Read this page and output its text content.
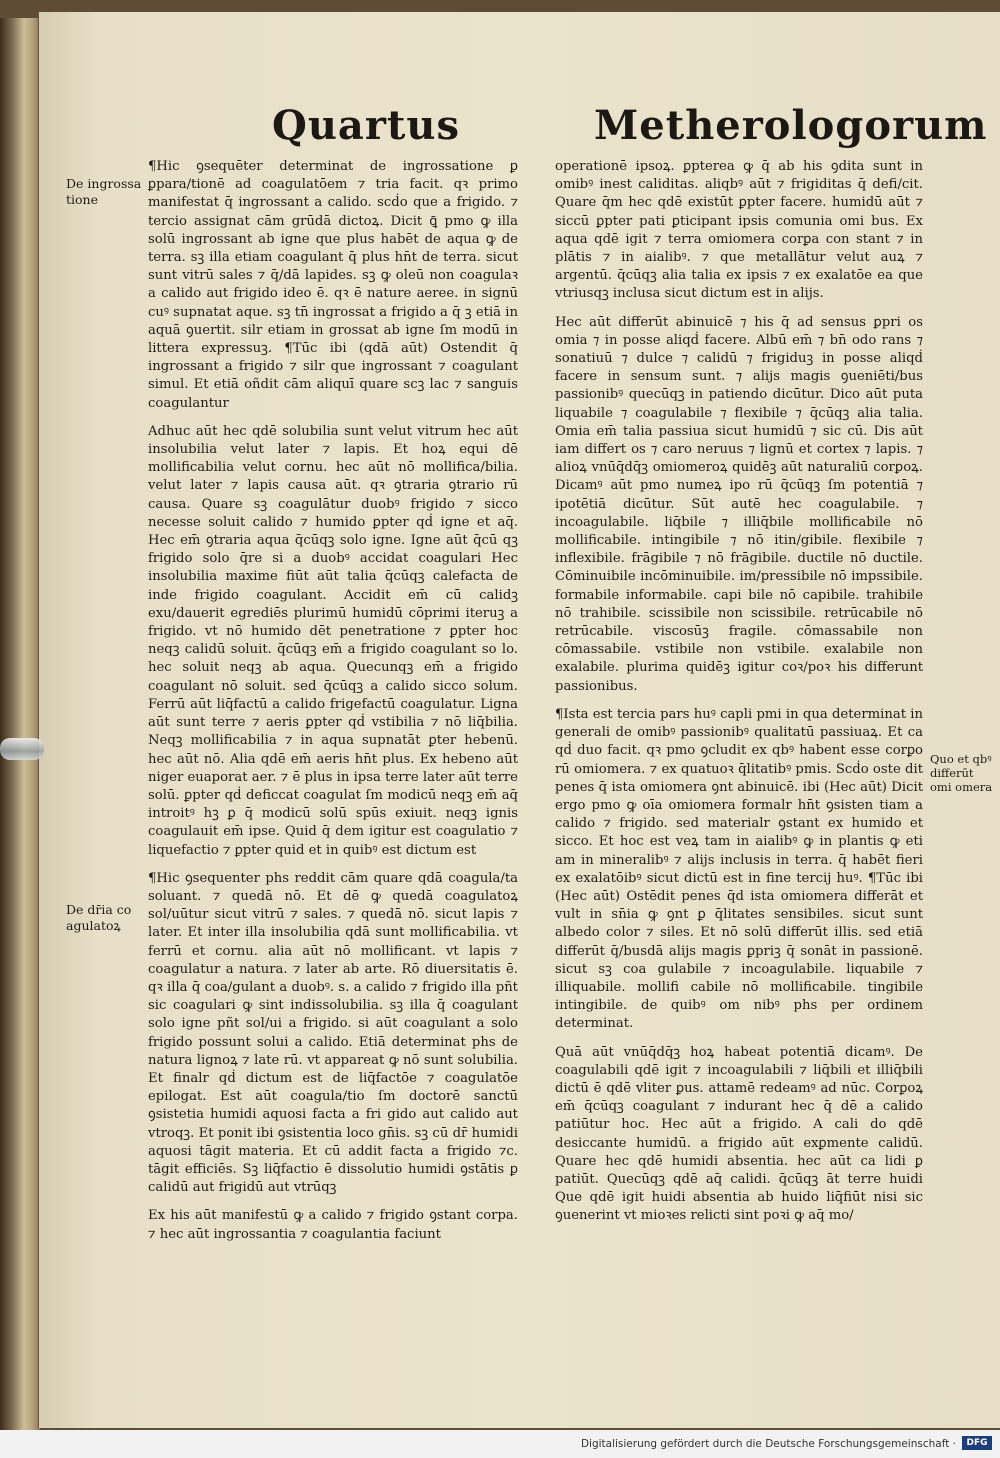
Quartus	Metherologorum
De ingrossa tione
De dr̄ia co agulatoꝝ
Quo et qbꝰ differūt omi omera

¶Hic ꝯsequēter determinat de ingrossatione ꝑ ꝑpara/tionē ad coagulatōem ⁊ tria facit. qꝛ primo manifestat q̄ ingrossant a calido. scḋo que a frigido. ⁊ tercio assignat cām grūdā dictoꝝ. Dicit ꝗ̄ pmo ꝙ illa solū ingrossant ab igne que plus habēt de aqua ꝙ de terra. sꝫ illa etiam coagulant q̄ plus hn̄t de terra. sicut sunt vitrū sales ⁊ q̄/dā lapides. sꝫ ꝙ oleū non coagulaꝛ a calido aut frigido ideo ē. qꝛ ē nature aeree. in signū cuꝰ supnatat aque. sꝫ tn̄ ingrossat a frigido a q̄ ꝫ etiā in aquā ꝯuertit. silr etiam in grossat ab igne ſm modū in littera expressuꝫ. ¶Tūc ibi (qdā aūt) Ostendit q̄ ingrossant a frigido ⁊ silr que ingrossant ⁊ coagulant simul. Et etiā oñdit cām aliquī quare scꝫ lac ⁊ sanguis coagulantur

Adhuc aūt hec qdē solubilia sunt velut vitrum hec aūt insolubilia velut later ⁊ lapis. Et hoꝝ equi dē mollificabilia velut cornu. hec aūt nō mollifica/bilia. velut later ⁊ lapis causa aūt. qꝛ ꝯtraria ꝯtrario rū causa. Quare sꝫ coagulātur duobꝰ frigido ⁊ sicco necesse soluit calido ⁊ humido ꝑpter qḋ igne et aq̄. Hec em̄ ꝯtraria aqua q̄cūqꝫ solo igne. Igne aūt q̄cū qꝫ frigido solo q̄re si a duobꝰ accidat coagulari Hec insolubilia maxime fiūt aūt talia q̄cūqꝫ calefacta de inde frigido coagulant. Accidit em̄ cū calidꝫ exu/dauerit egrediēs plurimū humidū cōprimi iteruꝫ a frigido. vt nō humido dēt penetratione ⁊ ꝑpter hoc neqꝫ calidū soluit. q̄cūqꝫ em̄ a frigido coagulant so lo. hec soluit neqꝫ ab aqua. Quecunqꝫ em̄ a frigido coagulant nō soluit. sed q̄cūqꝫ a calido sicco solum. Ferrū aūt liq̄factū a calido frigefactū coagulatur. Ligna aūt sunt terre ⁊ aeris ꝑpter qḋ vstibilia ⁊ nō liq̄bilia. Neqꝫ mollificabilia ⁊ in aqua supnatāt ꝑter hebenū. hec aūt nō. Alia qdē em̄ aeris hn̄t plus. Ex hebeno aūt niger euaporat aer. ⁊ ē plus in ipsa terre later aūt terre solū. ꝑpter qḋ deficcat coagulat ſm modicū neqꝫ em̄ aq̄ introitꝰ hꝫ ꝑ q̄ modicū solū spūs exiuit. neqꝫ ignis coagulauit em̄ ipse. Quid q̄ dem igitur est coagulatio ⁊ liquefactio ⁊ ꝑpter quid et in quibꝰ est dictum est

¶Hic ꝯsequenter phs reddit cām quare qdā coagula/ta soluant. ⁊ quedā nō. Et dē ꝙ quedā coagulatoꝝ sol/uūtur sicut vitrū ⁊ sales. ⁊ quedā nō. sicut lapis ⁊ later. Et inter illa insolubilia qdā sunt mollificabilia. vt ferrū et cornu. alia aūt nō mollificant. vt lapis ⁊ coagulatur a natura. ⁊ later ab arte. Rō diuersitatis ē. qꝛ illa q̄ coa/gulant a duobꝰ. s. a calido ⁊ frigido illa pñt sic coagulari ꝙ sint indissolubilia. sꝫ illa q̄ coagulant solo igne pñt sol/ui a frigido. si aūt coagulant a solo frigido possunt solui a calido. Etiā determinat phs de natura lignoꝝ ⁊ late rū. vt appareat ꝙ nō sunt solubilia. Et finalr qḋ dictum est de liq̄factōe ⁊ coagulatōe epilogat. Est aūt coagula/tio ſm doctorē sanctū ꝯsistetia humidi aquosi facta a fri gido aut calido aut vtroqꝫ. Et ponit ibi ꝯsistentia loco gn̄is. sꝫ cū dr̄ humidi aquosi tāgit materia. Et cū addit facta a frigido ⁊c. tāgit efficiēs. Sꝫ liq̄factio ē dissolutio humidi ꝯstātis ꝑ calidū aut frigidū aut vtrūqꝫ

Ex his aūt manifestū ꝙ a calido ⁊ frigido ꝯstant corpa. ⁊ hec aūt ingrossantia ⁊ coagulantia faciunt

operationē ipsoꝝ. ꝑpterea ꝙ q̄ ab his ꝯdita sunt in omibꝰ inest caliditas. aliqbꝰ aūt ⁊ frigiditas q̄ defi/cit. Quare q̄m hec qdē existūt ꝑpter facere. humidū aūt ⁊ siccū ꝑpter pati ꝑticipant ipsis comunia omi bus. Ex aqua qdē igit ⁊ terra omiomera corꝑa con stant ⁊ in plātis ⁊ in aialibꝰ. ⁊ que metallātur velut auꝝ ⁊ argentū. q̄cūqꝫ alia talia ex ipsis ⁊ ex exalatōe ea que vtriusqꝫ inclusa sicut dictum est in alijs.

Hec aūt differūt abinuicē ⁊ his q̄ ad sensus ꝑpri os omia ⁊ in posse aliqḋ facere. Albū em̄ ⁊ bn̄ odo rans ⁊ sonatiuū ⁊ dulce ⁊ calidū ⁊ frigiduꝫ in posse aliqḋ facere in sensum sunt. ⁊ alijs magis ꝯueniēti/bus passionibꝰ quecūqꝫ in patiendo dicūtur. Dico aūt puta liquabile ⁊ coagulabile ⁊ flexibile ⁊ q̄cūqꝫ alia talia. Omia em̄ talia passiua sicut humidū ⁊ sic cū. Dis aūt iam differt os ⁊ caro neruus ⁊ lignū et cortex ⁊ lapis. ⁊ alioꝝ vnūq̄dq̄ꝫ omiomeroꝝ quidēꝫ aūt naturaliū corꝑoꝝ. Dicamꝰ aūt pmo numeꝝ ipo rū q̄cūqꝫ ſm potentiā ⁊ ipotētiā dicūtur. Sūt autē hec coagulabile. ⁊ incoagulabile. liq̄bile ⁊ illiq̄bile mollificabile nō mollificabile. intingibile ⁊ nō itin/gibile. flexibile ⁊ inflexibile. frāgibile ⁊ nō frāgibile. ductile nō ductile. Cōminuibile incōminuibile. im/pressibile nō impssibile. formabile informabile. capi bile nō capibile. trahibile nō trahibile. scissibile non scissibile. retrūcabile nō retrūcabile. viscosūꝫ fragile. cōmassabile non cōmassabile. vstibile non vstibile. exalabile non exalabile. plurima quidēꝫ igitur coꝛ/poꝛ his differunt passionibus.

¶Ista est tercia pars huꝰ capli pmi in qua determinat in generali de omibꝰ passionibꝰ qualitatū passiuaꝝ. Et ca qḋ duo facit. qꝛ pmo ꝯcludit ex qbꝰ habent esse corꝑo rū omiomera. ⁊ ex quatuoꝛ q̄litatibꝰ pmis. Scḋo oste dit penes q̄ ista omiomera ꝯnt abinuicē. ibi (Hec aūt) Dicit ergo pmo ꝙ oīa omiomera formalr hn̄t ꝯsisten tiam a calido ⁊ frigido. sed materialr ꝯstant ex humido et sicco. Et hoc est veꝝ tam in aialibꝰ ꝙ in plantis ꝙ eti am in mineralibꝰ ⁊ alijs inclusis in terra. q̄ habēt fieri ex exalatōibꝰ sicut dictū est in fine tercij huꝰ. ¶Tūc ibi (Hec aūt) Ostēdit penes q̄d ista omiomera differāt et vult in sn̄ia ꝙ ꝯnt ꝑ q̄litates sensibiles. sicut sunt albedo color ⁊ siles. Et nō solū differūt illis. sed etiā differūt q̄/busdā alijs magis ꝑpriꝫ q̄ sonāt in passionē. sicut sꝫ coa gulabile ⁊ incoagulabile. liquabile ⁊ illiquabile. mollifi cabile nō mollificabile. tingibile intingibile. de quibꝰ om nibꝰ phs per ordinem determinat.

Quā aūt vnūq̄dq̄ꝫ hoꝝ habeat potentiā dicamꝰ. De coagulabili qdē igit ⁊ incoagulabili ⁊ liq̄bili et illiq̄bili dictū ē qdē vliter ꝑus. attamē redeamꝰ ad nūc. Corꝑoꝝ em̄ q̄cūqꝫ coagulant ⁊ indurant hec q̄ dē a calido patiūtur hoc. Hec aūt a frigido. A cali do qdē desiccante humidū. a frigido aūt exꝑmente calidū. Quare hec qdē humidi absentia. hec aūt ca lidi ꝑ patiūt. Quecūqꝫ qdē aq̄ calidi. q̄cūqꝫ āt terre huidi Que qdē igit huidi absentia ab huido liq̄fiūt nisi sic ꝯuenerint vt mioꝛes relicti sint poꝛi ꝙ aq̄ mo/

Digitalisierung gefördert durch die Deutsche Forschungsgemeinschaft ·	DFG
